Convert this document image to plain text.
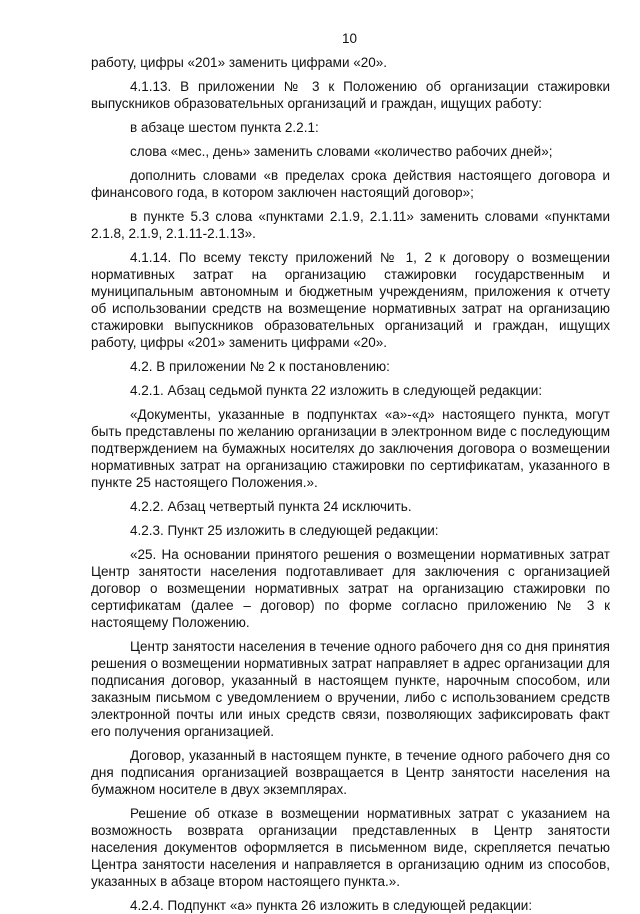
10

работу, цифры «201» заменить цифрами «20».

4.1.13. В приложении № 3 к Положению об организации стажировки выпускников образовательных организаций и граждан, ищущих работу:

в абзаце шестом пункта 2.2.1:

слова «мес., день» заменить словами «количество рабочих дней»;

дополнить словами «в пределах срока действия настоящего договора и финансового года, в котором заключен настоящий договор»;

в пункте 5.3 слова «пунктами 2.1.9, 2.1.11» заменить словами «пунктами 2.1.8, 2.1.9, 2.1.11-2.1.13».

4.1.14. По всему тексту приложений № 1, 2 к договору о возмещении нормативных затрат на организацию стажировки государственным и муниципальным автономным и бюджетным учреждениям, приложения к отчету об использовании средств на возмещение нормативных затрат на организацию стажировки выпускников образовательных организаций и граждан, ищущих работу, цифры «201» заменить цифрами «20».

4.2. В приложении № 2 к постановлению:

4.2.1. Абзац седьмой пункта 22 изложить в следующей редакции:

«Документы, указанные в подпунктах «а»-«д» настоящего пункта, могут быть представлены по желанию организации в электронном виде с последующим подтверждением на бумажных носителях до заключения договора о возмещении нормативных затрат на организацию стажировки по сертификатам, указанного в пункте 25 настоящего Положения.».

4.2.2. Абзац четвертый пункта 24 исключить.

4.2.3. Пункт 25 изложить в следующей редакции:

«25. На основании принятого решения о возмещении нормативных затрат Центр занятости населения подготавливает для заключения с организацией договор о возмещении нормативных затрат на организацию стажировки по сертификатам (далее – договор) по форме согласно приложению № 3 к настоящему Положению.

Центр занятости населения в течение одного рабочего дня со дня принятия решения о возмещении нормативных затрат направляет в адрес организации для подписания договор, указанный в настоящем пункте, нарочным способом, или заказным письмом с уведомлением о вручении, либо с использованием средств электронной почты или иных средств связи, позволяющих зафиксировать факт его получения организацией.

Договор, указанный в настоящем пункте, в течение одного рабочего дня со дня подписания организацией возвращается в Центр занятости населения на бумажном носителе в двух экземплярах.

Решение об отказе в возмещении нормативных затрат с указанием на возможность возврата организации представленных в Центр занятости населения документов оформляется в письменном виде, скрепляется печатью Центра занятости населения и направляется в организацию одним из способов, указанных в абзаце втором настоящего пункта.».

4.2.4. Подпункт «а» пункта 26 изложить в следующей редакции:
